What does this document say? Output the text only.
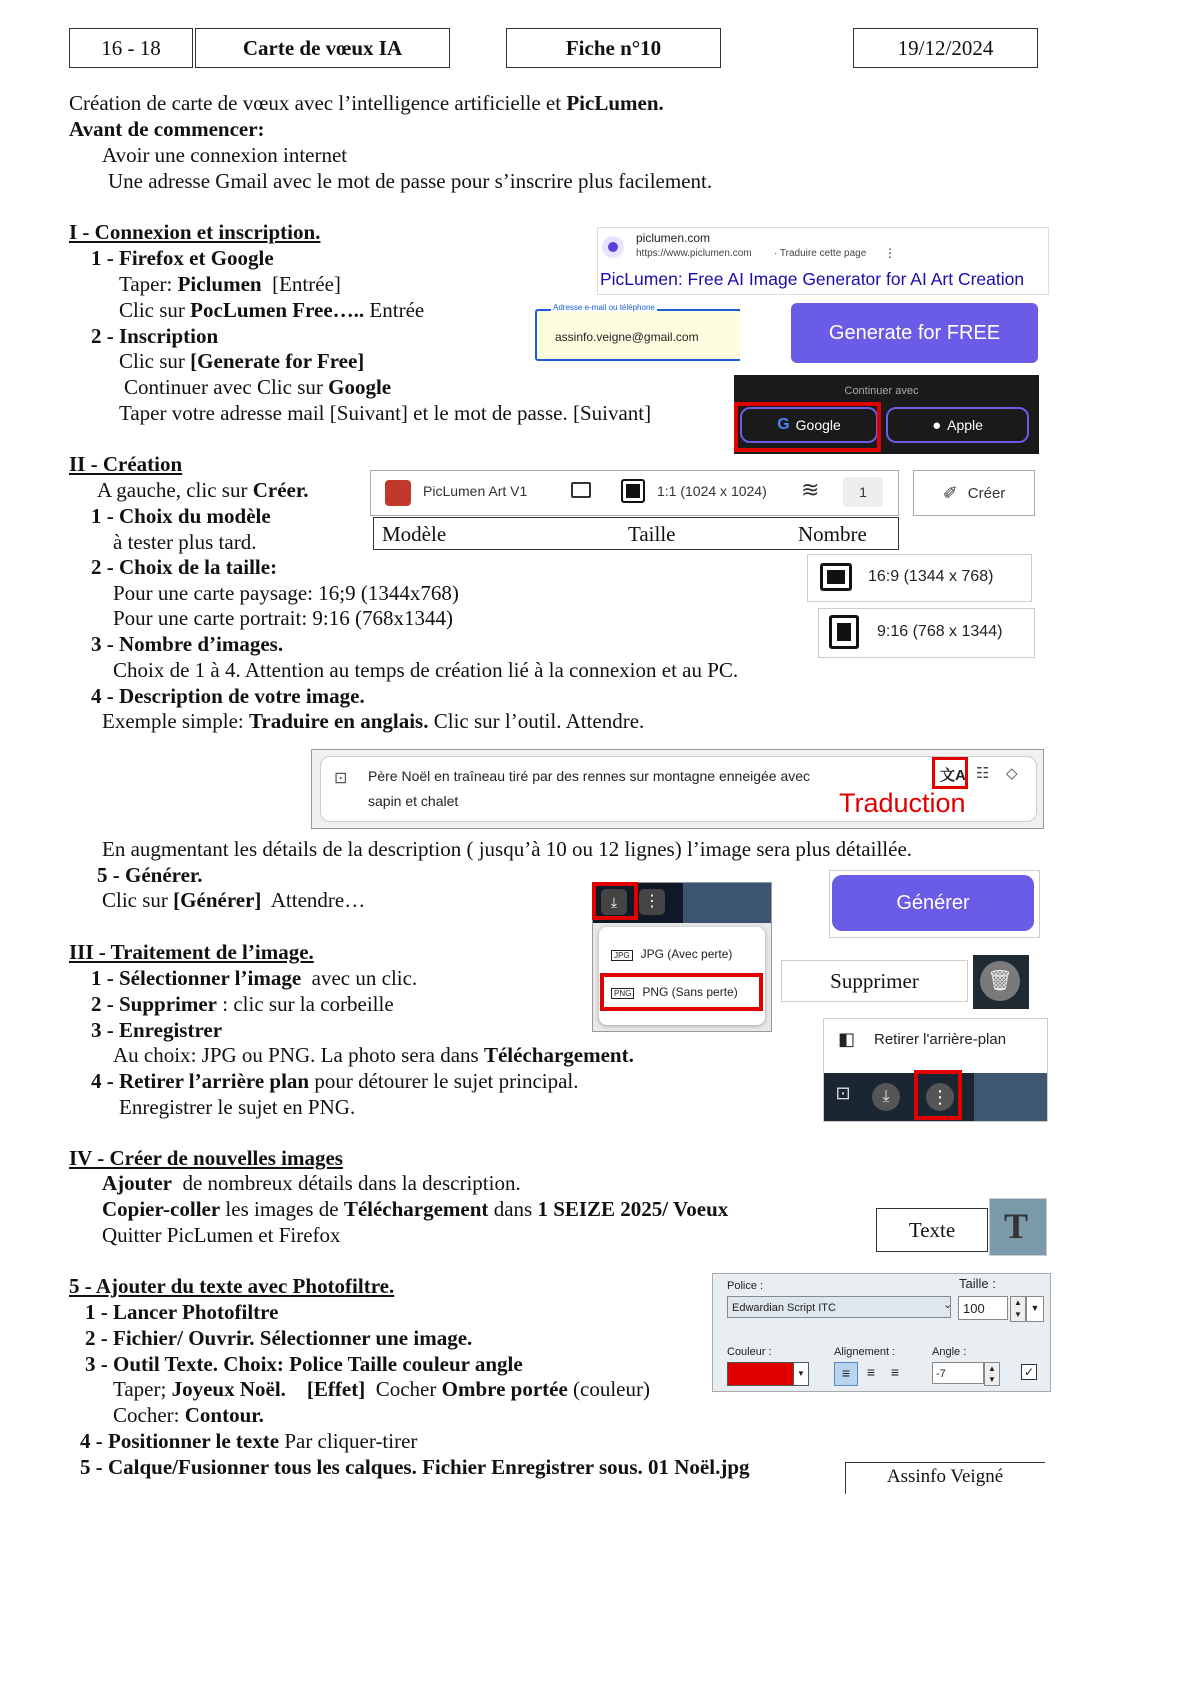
16 - 18	Carte de vœux IA	Fiche n°10	19/12/2024
Création de carte de vœux avec l’intelligence artificielle et PicLumen.
Avant de commencer:
Avoir une connexion internet
Une adresse Gmail avec le mot de passe pour s’inscrire plus facilement.
I - Connexion et inscription.
1 - Firefox et Google
Taper: Piclumen  [Entrée]
Clic sur PocLumen Free….. Entrée
2 - Inscription
Clic sur [Generate for Free]
Continuer avec Clic sur Google
Taper votre adresse mail [Suivant] et le mot de passe. [Suivant]
piclumen.com
https://www.piclumen.com · Traduire cette page ⋮
PicLumen: Free AI Image Generator for AI Art Creation
Adresse e-mail ou téléphone
assinfo.veigne@gmail.com	Generate for FREE
Continuer avec
G Google	● Apple
II - Création
A gauche, clic sur Créer.
1 - Choix du modèle
à tester plus tard.
2 - Choix de la taille:
Pour une carte paysage: 16;9 (1344x768)
Pour une carte portrait: 9:16 (768x1344)
3 - Nombre d’images.
Choix de 1 à 4. Attention au temps de création lié à la connexion et au PC.
4 - Description de votre image.
Exemple simple: Traduire en anglais. Clic sur l’outil. Attendre.
PicLumen Art V1	1:1 (1024 x 1024) ≋	1	✐ Créer
Modèle	Taille	Nombre
16:9 (1344 x 768)
9:16 (768 x 1344)
⊡ Père Noël en traîneau tiré par des rennes sur montagne enneigée avec
sapin et chalet
文A ☷ ◇
Traduction
En augmentant les détails de la description ( jusqu’à 10 ou 12 lignes) l’image sera plus détaillée.
5 - Générer.
Clic sur [Générer]  Attendre…	⤓	⋮
JPG JPG (Avec perte)
PNG PNG (Sans perte)
Générer
Supprimer	🗑
◧ Retirer l'arrière-plan
⊡	⤓	⋮
III - Traitement de l’image.
1 - Sélectionner l’image  avec un clic.
2 - Supprimer : clic sur la corbeille
3 - Enregistrer
Au choix: JPG ou PNG. La photo sera dans Téléchargement.
4 - Retirer l’arrière plan pour détourer le sujet principal.
Enregistrer le sujet en PNG.
IV - Créer de nouvelles images
Ajouter  de nombreux détails dans la description.
Copier-coller les images de Téléchargement dans 1 SEIZE 2025/ Voeux
Quitter PicLumen et Firefox	Texte	T
5 - Ajouter du texte avec Photofiltre.
1 - Lancer Photofiltre
2 - Fichier/ Ouvrir. Sélectionner une image.
3 - Outil Texte. Choix: Police Taille couleur angle
Taper; Joyeux Noël.    [Effet]  Cocher Ombre portée (couleur)
Cocher: Contour.
4 - Positionner le texte Par cliquer-tirer
5 - Calque/Fusionner tous les calques. Fichier Enregistrer sous. 01 Noël.jpg
Police :
Edwardian Script ITC	⌄
Taille :
100	▲
▼
▼
Couleur :
▼
Alignement :
≡	≡	≡
Angle :
-7	▲
▼
✓
Assinfo Veigné
